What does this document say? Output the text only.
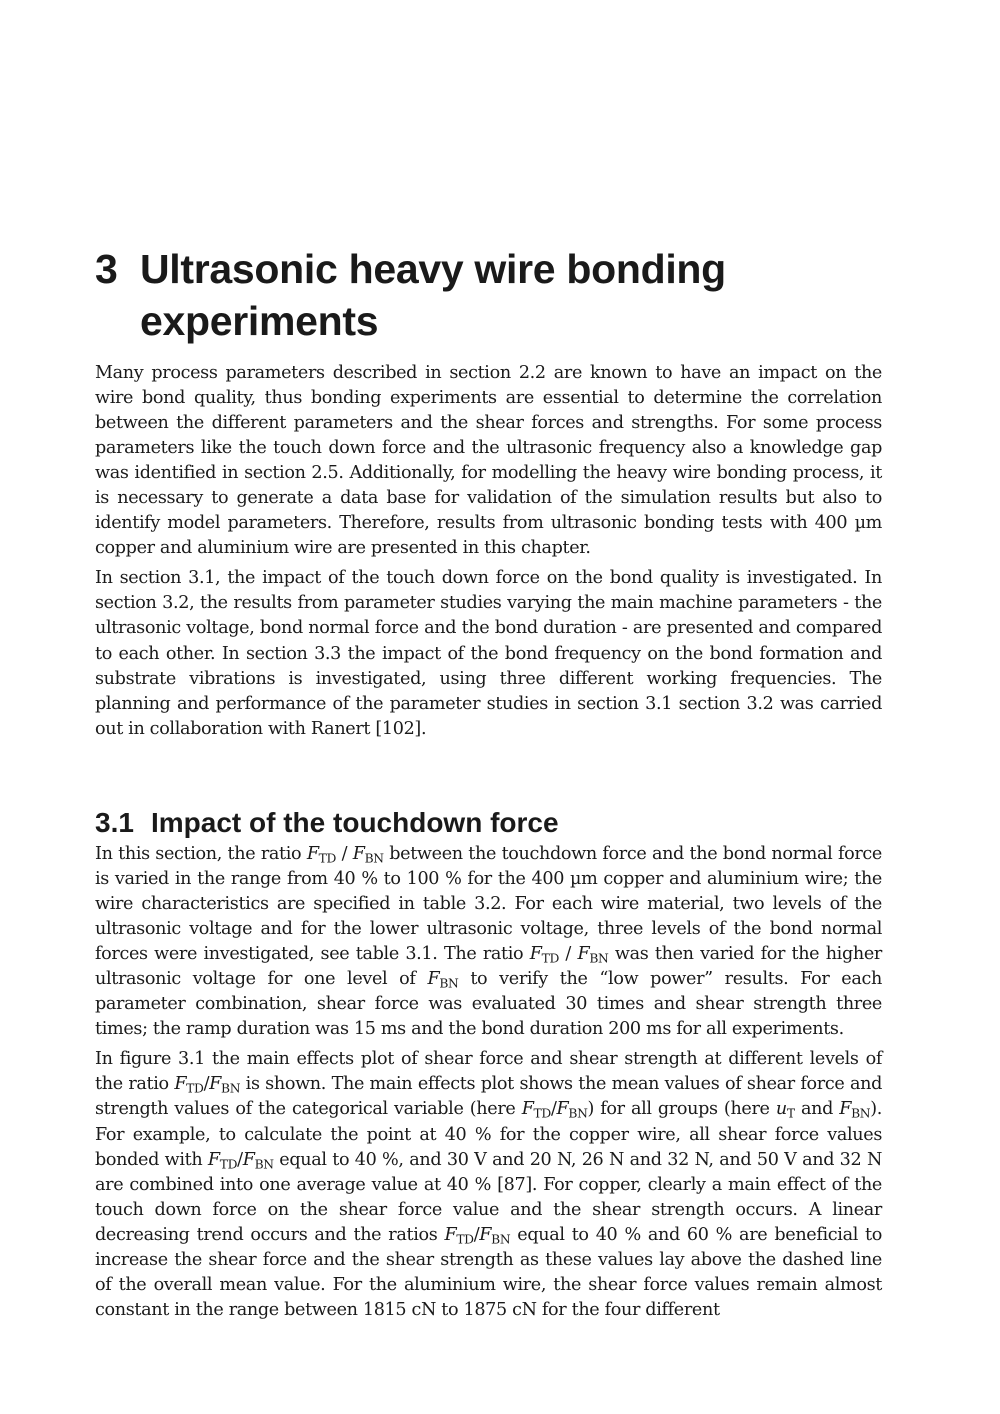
3 Ultrasonic heavy wire bonding experiments

Many process parameters described in section 2.2 are known to have an impact on the wire bond quality, thus bonding experiments are essential to determine the correlation between the different parameters and the shear forces and strengths. For some process parameters like the touch down force and the ultrasonic frequency also a knowledge gap was identified in section 2.5. Additionally, for modelling the heavy wire bonding process, it is necessary to generate a data base for validation of the simulation results but also to identify model parameters. Therefore, results from ultrasonic bonding tests with 400 µm copper and aluminium wire are presented in this chapter.

In section 3.1, the impact of the touch down force on the bond quality is investigated. In section 3.2, the results from parameter studies varying the main machine parameters - the ultrasonic voltage, bond normal force and the bond duration - are presented and compared to each other. In section 3.3 the impact of the bond frequency on the bond formation and substrate vibrations is investigated, using three different working frequencies. The planning and performance of the parameter studies in section 3.1 section 3.2 was carried out in collaboration with Ranert [102].

3.1 Impact of the touchdown force

In this section, the ratio $F_{TD} / F_{BN}$ between the touchdown force and the bond normal force is varied in the range from 40 % to 100 % for the 400 µm copper and aluminium wire; the wire characteristics are specified in table 3.2. For each wire material, two levels of the ultrasonic voltage and for the lower ultrasonic voltage, three levels of the bond normal forces were investigated, see table 3.1. The ratio $F_{TD} / F_{BN}$ was then varied for the higher ultrasonic voltage for one level of $F_{BN}$ to verify the “low power” results. For each parameter combination, shear force was evaluated 30 times and shear strength three times; the ramp duration was 15 ms and the bond duration 200 ms for all experiments.

In figure 3.1 the main effects plot of shear force and shear strength at different levels of the ratio $F_{TD}/F_{BN}$ is shown. The main effects plot shows the mean values of shear force and strength values of the categorical variable (here $F_{TD}/F_{BN}$) for all groups (here $u_T$ and $F_{BN}$). For example, to calculate the point at 40 % for the copper wire, all shear force values bonded with $F_{TD}/F_{BN}$ equal to 40 %, and 30 V and 20 N, 26 N and 32 N, and 50 V and 32 N are combined into one average value at 40 % [87]. For copper, clearly a main effect of the touch down force on the shear force value and the shear strength occurs. A linear decreasing trend occurs and the ratios $F_{TD}/F_{BN}$ equal to 40 % and 60 % are beneficial to increase the shear force and the shear strength as these values lay above the dashed line of the overall mean value. For the aluminium wire, the shear force values remain almost constant in the range between 1815 cN to 1875 cN for the four different
